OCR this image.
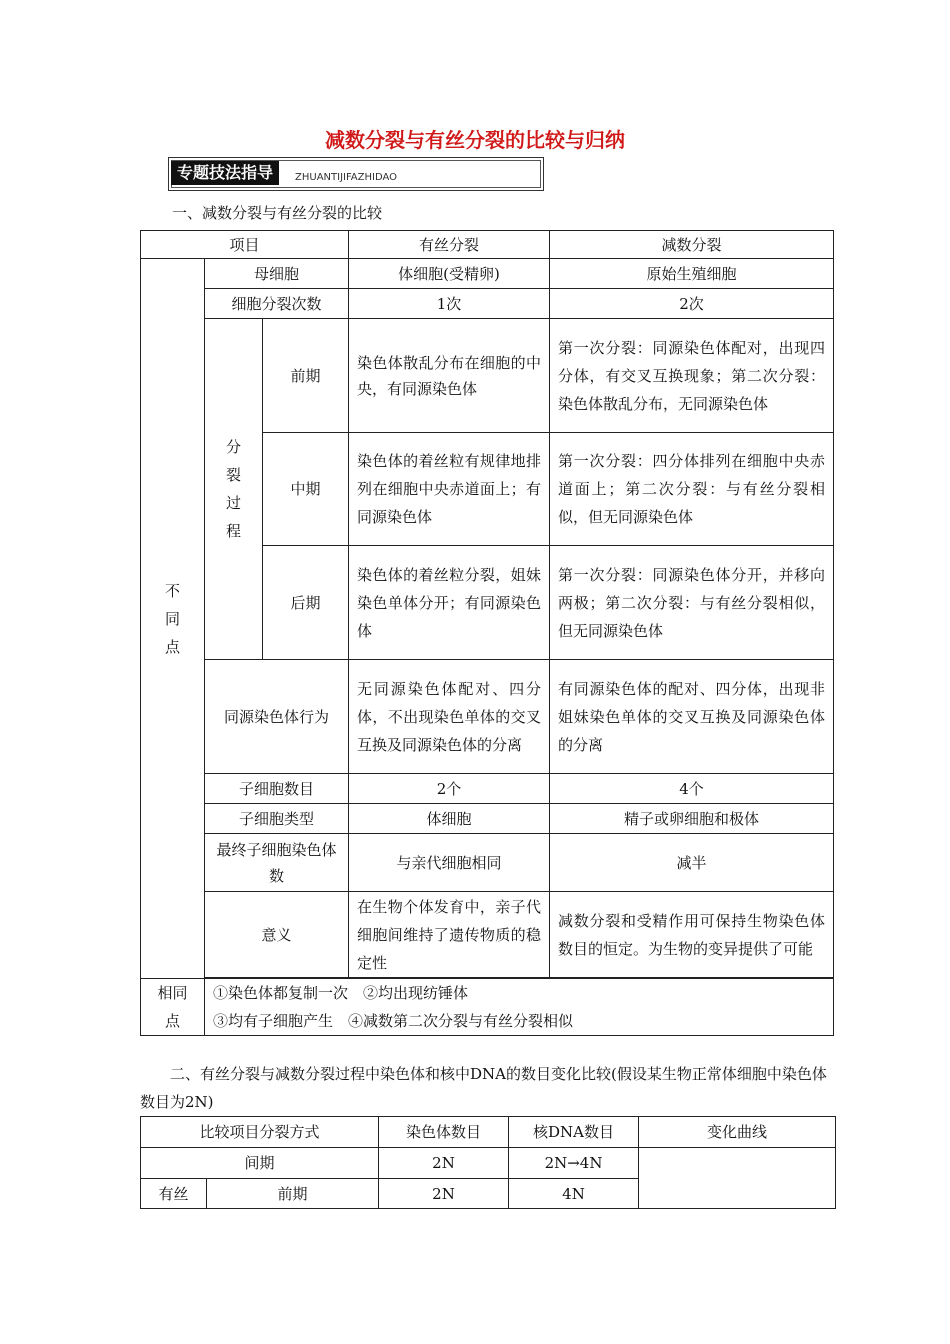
减数分裂与有丝分裂的比较与归纳
专题技法指导	ZHUANTIJIFAZHIDAO
一、减数分裂与有丝分裂的比较
项目			有丝分裂	减数分裂

不同点	母细胞		体细胞(受精卵)	原始生殖细胞
	细胞分裂次数		1次	2次

	分裂过程	前期	染色体散乱分布在细胞的中央，有同源染色体	第一次分裂：同源染色体配对，出现四分体，有交叉互换现象；第二次分裂：染色体散乱分布，无同源染色体
		中期	染色体的着丝粒有规律地排列在细胞中央赤道面上；有同源染色体	第一次分裂：四分体排列在细胞中央赤道面上；第二次分裂：与有丝分裂相似，但无同源染色体
		后期	染色体的着丝粒分裂，姐妹染色单体分开；有同源染色体	第一次分裂：同源染色体分开，并移向两极；第二次分裂：与有丝分裂相似，但无同源染色体
	同源染色体行为		无同源染色体配对、四分体，不出现染色单体的交叉互换及同源染色体的分离	有同源染色体的配对、四分体，出现非姐妹染色单体的交叉互换及同源染色体的分离
	子细胞数目		2个	4个
	子细胞类型		体细胞	精子或卵细胞和极体
	最终子细胞染色体数		与亲代细胞相同	减半
	意义		在生物个体发育中，亲子代细胞间维持了遗传物质的稳定性	减数分裂和受精作用可保持生物染色体数目的恒定。为生物的变异提供了可能

相同点	①染色体都复制一次　②均出现纺锤体
③均有子细胞产生　④减数第二次分裂与有丝分裂相似			
二、有丝分裂与减数分裂过程中染色体和核中DNA的数目变化比较(假设某生物正常体细胞中染色体数目为2N)
比较项目分裂方式		染色体数目	核DNA数目	变化曲线
间期		2N	2N→4N	
有丝	前期	2N	4N	
